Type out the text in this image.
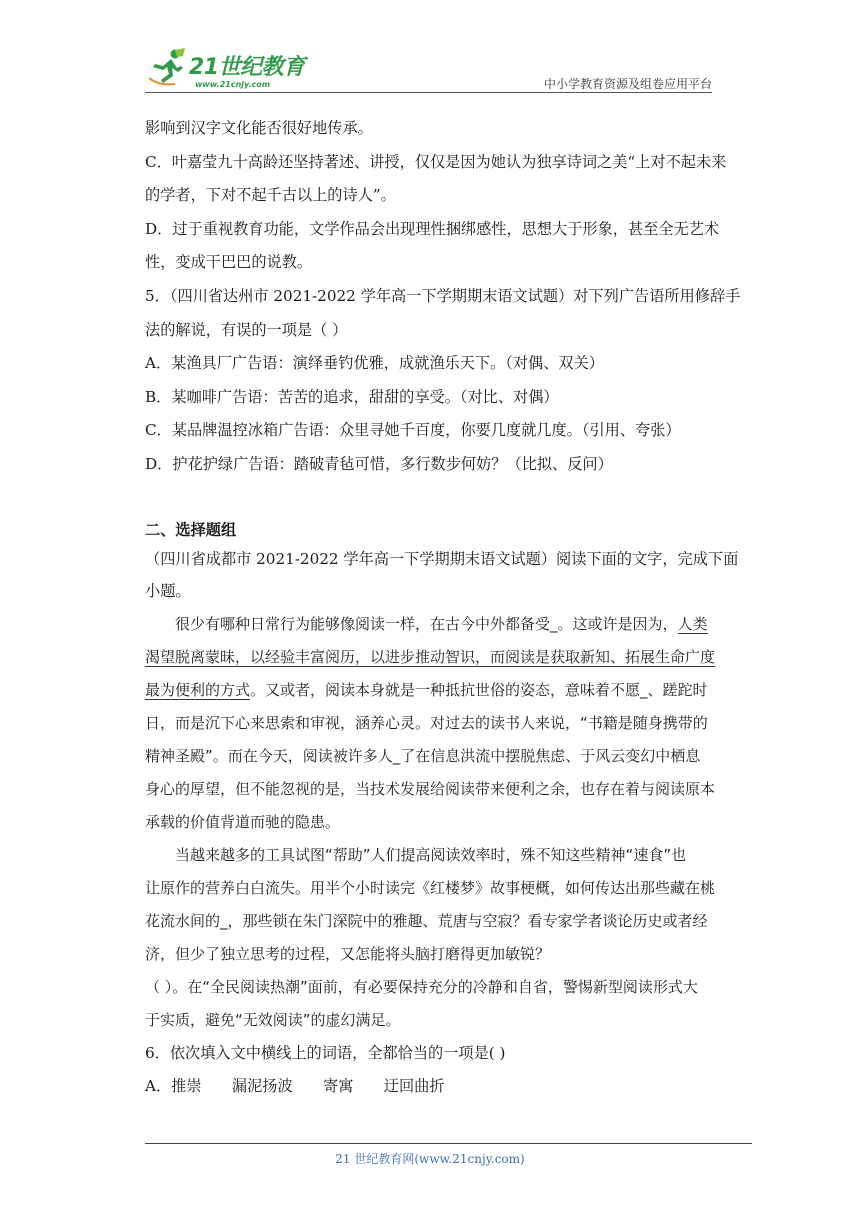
21世纪教育
www.21cnjy.com	中小学教育资源及组卷应用平台
影响到汉字文化能否很好地传承。
C．叶嘉莹九十高龄还坚持著述、讲授，仅仅是因为她认为独享诗词之美“上对不起未来
的学者，下对不起千古以上的诗人”。
D．过于重视教育功能，文学作品会出现理性捆绑感性，思想大于形象，甚至全无艺术
性，变成干巴巴的说教。
5．（四川省达州市 2021-2022 学年高一下学期期末语文试题）对下列广告语所用修辞手
法的解说，有误的一项是（ ）
A．某渔具厂广告语：演绎垂钓优雅，成就渔乐天下。（对偶、双关）
B．某咖啡广告语：苦苦的追求，甜甜的享受。（对比、对偶）
C．某品牌温控冰箱广告语：众里寻她千百度，你要几度就几度。（引用、夸张）
D．护花护绿广告语：踏破青毡可惜，多行数步何妨？（比拟、反问）
二、选择题组
（四川省成都市 2021-2022 学年高一下学期期末语文试题）阅读下面的文字，完成下面
小题。
很少有哪种日常行为能够像阅读一样，在古今中外都备受_。这或许是因为，人类
渴望脱离蒙昧，以经验丰富阅历，以进步推动智识，而阅读是获取新知、拓展生命广度
最为便利的方式。又或者，阅读本身就是一种抵抗世俗的姿态，意味着不愿_、蹉跎时
日，而是沉下心来思索和审视，涵养心灵。对过去的读书人来说，“书籍是随身携带的
精神圣殿”。而在今天，阅读被许多人_了在信息洪流中摆脱焦虑、于风云变幻中栖息
身心的厚望，但不能忽视的是，当技术发展给阅读带来便利之余，也存在着与阅读原本
承载的价值背道而驰的隐患。
当越来越多的工具试图“帮助”人们提高阅读效率时，殊不知这些精神“速食”也
让原作的营养白白流失。用半个小时读完《红楼梦》故事梗概，如何传达出那些藏在桃
花流水间的_，那些锁在朱门深院中的雅趣、荒唐与空寂？看专家学者谈论历史或者经
济，但少了独立思考的过程，又怎能将头脑打磨得更加敏锐？
（ ）。在“全民阅读热潮”面前，有必要保持充分的冷静和自省，警惕新型阅读形式大
于实质，避免“无效阅读”的虚幻满足。
6．依次填入文中横线上的词语，全都恰当的一项是( )
A．推崇　　漏泥扬波　　寄寓　　迂回曲折
21 世纪教育网(www.21cnjy.com)
